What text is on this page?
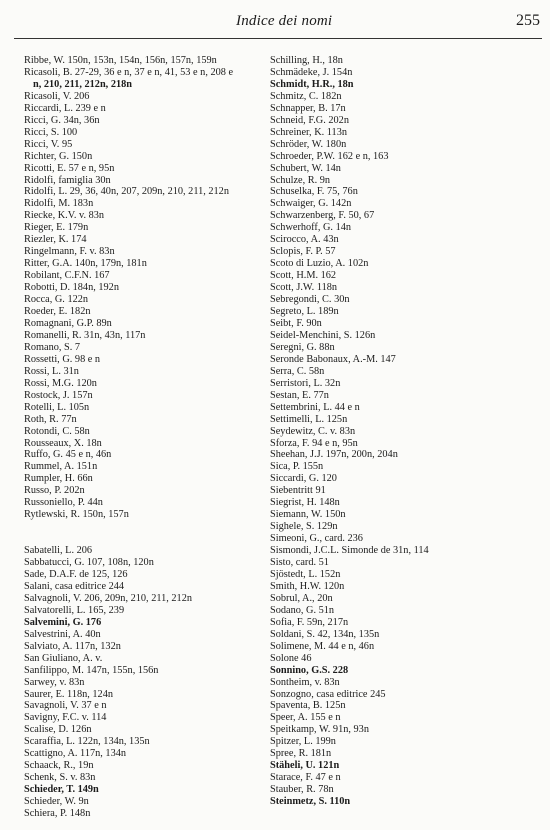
Indice dei nomi	255
Ribbe, W. 150n, 153n, 154n, 156n, 157n, 159n
Ricasoli, B. 27-29, 36 e n, 37 e n, 41, 53 e n, 208 e
n, 210, 211, 212n, 218n
Ricasoli, V. 206
Riccardi, L. 239 e n
Ricci, G. 34n, 36n
Ricci, S. 100
Ricci, V. 95
Richter, G. 150n
Ricotti, E. 57 e n, 95n
Ridolfi, famiglia 30n
Ridolfi, L. 29, 36, 40n, 207, 209n, 210, 211, 212n
Ridolfi, M. 183n
Riecke, K.V. v. 83n
Rieger, E. 179n
Riezler, K. 174
Ringelmann, F. v. 83n
Ritter, G.A. 140n, 179n, 181n
Robilant, C.F.N. 167
Robotti, D. 184n, 192n
Rocca, G. 122n
Roeder, E. 182n
Romagnani, G.P. 89n
Romanelli, R. 31n, 43n, 117n
Romano, S. 7
Rossetti, G. 98 e n
Rossi, L. 31n
Rossi, M.G. 120n
Rostock, J. 157n
Rotelli, L. 105n
Roth, R. 77n
Rotondi, C. 58n
Rousseaux, X. 18n
Ruffo, G. 45 e n, 46n
Rummel, A. 151n
Rumpler, H. 66n
Russo, P. 202n
Russoniello, P. 44n
Rytlewski, R. 150n, 157n
Sabatelli, L. 206
Sabbatucci, G. 107, 108n, 120n
Sade, D.A.F. de 125, 126
Salani, casa editrice 244
Salvagnoli, V. 206, 209n, 210, 211, 212n
Salvatorelli, L. 165, 239
Salvemini, G. 176
Salvestrini, A. 40n
Salviato, A. 117n, 132n
San Giuliano, A. v.
Sanfilippo, M. 147n, 155n, 156n
Sarwey, v. 83n
Saurer, E. 118n, 124n
Savagnoli, V. 37 e n
Savigny, F.C. v. 114
Scalise, D. 126n
Scaraffia, L. 122n, 134n, 135n
Scattigno, A. 117n, 134n
Schaack, R., 19n
Schenk, S. v. 83n
Schieder, T. 149n
Schieder, W. 9n
Schiera, P. 148n
Schilling, H., 18n
Schmädeke, J. 154n
Schmidt, H.R., 18n
Schmitz, C. 182n
Schnapper, B. 17n
Schneid, F.G. 202n
Schreiner, K. 113n
Schröder, W. 180n
Schroeder, P.W. 162 e n, 163
Schubert, W. 14n
Schulze, R. 9n
Schuselka, F. 75, 76n
Schwaiger, G. 142n
Schwarzenberg, F. 50, 67
Schwerhoff, G. 14n
Scirocco, A. 43n
Sclopis, F. P. 57
Scoto di Luzio, A. 102n
Scott, H.M. 162
Scott, J.W. 118n
Sebregondi, C. 30n
Segreto, L. 189n
Seibt, F. 90n
Seidel-Menchini, S. 126n
Seregni, G. 88n
Seronde Babonaux, A.-M. 147
Serra, C. 58n
Serristori, L. 32n
Sestan, E. 77n
Settembrini, L. 44 e n
Settimelli, L. 125n
Seydewitz, C. v. 83n
Sforza, F. 94 e n, 95n
Sheehan, J.J. 197n, 200n, 204n
Sica, P. 155n
Siccardi, G. 120
Siebentritt 91
Siegrist, H. 148n
Siemann, W. 150n
Sighele, S. 129n
Simeoni, G., card. 236
Sismondi, J.C.L. Simonde de 31n, 114
Sisto, card. 51
Sjöstedt, L. 152n
Smith, H.W. 120n
Sobrul, A., 20n
Sodano, G. 51n
Sofia, F. 59n, 217n
Soldani, S. 42, 134n, 135n
Solimene, M. 44 e n, 46n
Solone 46
Sonnino, G.S. 228
Sontheim, v. 83n
Sonzogno, casa editrice 245
Spaventa, B. 125n
Speer, A. 155 e n
Speitkamp, W. 91n, 93n
Spitzer, L. 199n
Spree, R. 181n
Stäheli, U. 121n
Starace, F. 47 e n
Stauber, R. 78n
Steinmetz, S. 110n
